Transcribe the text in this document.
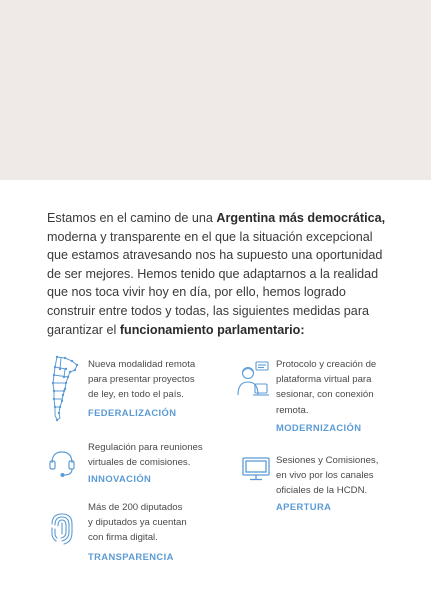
Estamos en el camino de una Argentina más democrática, moderna y transparente en el que la situación excepcional que estamos atravesando nos ha supuesto una oportunidad de ser mejores. Hemos tenido que adaptarnos a la realidad que nos toca vivir hoy en día, por ello, hemos logrado construir entre todos y todas, las siguientes medidas para garantizar el funcionamiento parlamentario:

Nueva modalidad remota
para presentar proyectos
de ley, en todo el país.

FEDERALIZACIÓN

Protocolo y creación de
plataforma virtual para
sesionar, con conexión
remota.

MODERNIZACIÓN

Regulación para reuniones
virtuales de comisiones.

INNOVACIÓN

Sesiones y Comisiones,
en vivo por los canales
oficiales de la HCDN.

APERTURA

Más de 200 diputados
y diputados ya cuentan
con firma digital.

TRANSPARENCIA
